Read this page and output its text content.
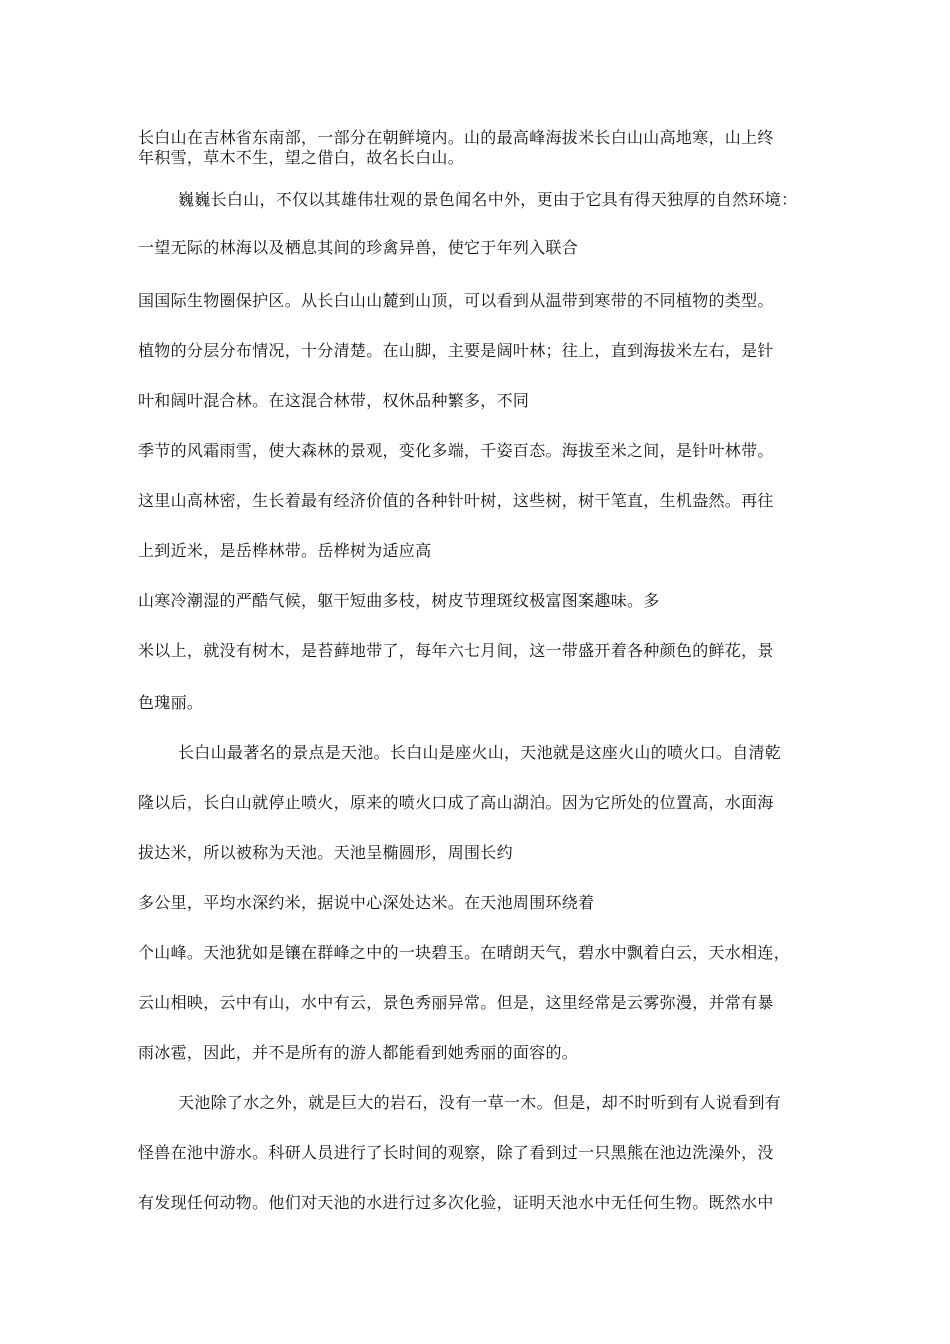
长白山在吉林省东南部，一部分在朝鲜境内。山的最高峰海拔米长白山山高地寒，山上终
年积雪，草木不生，望之借白，故名长白山。
巍巍长白山，不仅以其雄伟壮观的景色闻名中外，更由于它具有得天独厚的自然环境：
一望无际的林海以及栖息其间的珍禽异兽，使它于年列入联合
国国际生物圈保护区。从长白山山麓到山顶，可以看到从温带到寒带的不同植物的类型。
植物的分层分布情况，十分清楚。在山脚，主要是阔叶林；往上，直到海拔米左右，是针
叶和阔叶混合林。在这混合林带，权休品种繁多，不同
季节的风霜雨雪，使大森林的景观，变化多端，千姿百态。海拔至米之间，是针叶林带。
这里山高林密，生长着最有经济价值的各种针叶树，这些树，树干笔直，生机盎然。再往
上到近米，是岳桦林带。岳桦树为适应高
山寒冷潮湿的严酷气候，躯干短曲多枝，树皮节理斑纹极富图案趣味。多
米以上，就没有树木，是苔藓地带了，每年六七月间，这一带盛开着各种颜色的鲜花，景
色瑰丽。
长白山最著名的景点是天池。长白山是座火山，天池就是这座火山的喷火口。自清乾
隆以后，长白山就停止喷火，原来的喷火口成了高山湖泊。因为它所处的位置高，水面海
拔达米，所以被称为天池。天池呈椭圆形，周围长约
多公里，平均水深约米，据说中心深处达米。在天池周围环绕着
个山峰。天池犹如是镶在群峰之中的一块碧玉。在晴朗天气，碧水中飘着白云，天水相连，
云山相映，云中有山，水中有云，景色秀丽异常。但是，这里经常是云雾弥漫，并常有暴
雨冰雹，因此，并不是所有的游人都能看到她秀丽的面容的。
天池除了水之外，就是巨大的岩石，没有一草一木。但是，却不时听到有人说看到有
怪兽在池中游水。科研人员进行了长时间的观察，除了看到过一只黑熊在池边洗澡外，没
有发现任何动物。他们对天池的水进行过多次化验，证明天池水中无任何生物。既然水中
